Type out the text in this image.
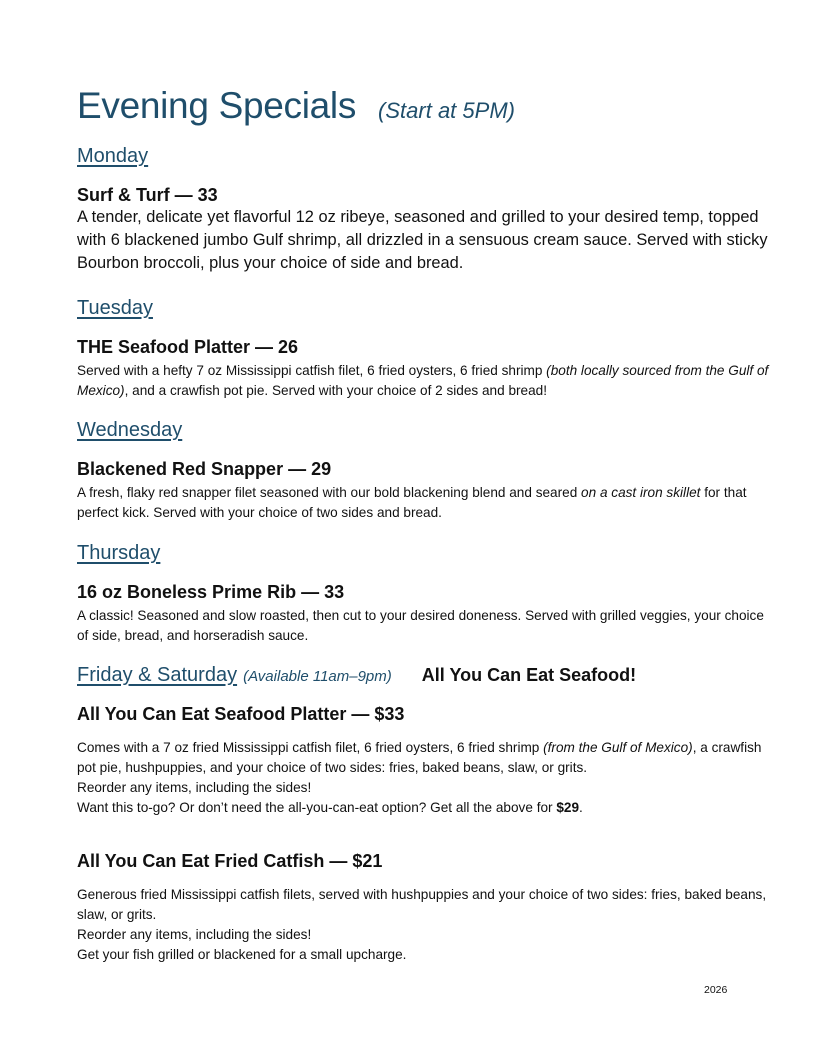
Evening Specials (Start at 5PM)

Monday

Surf & Turf — 33

A tender, delicate yet flavorful 12 oz ribeye, seasoned and grilled to your desired temp, topped with 6 blackened jumbo Gulf shrimp, all drizzled in a sensuous cream sauce. Served with sticky Bourbon broccoli, plus your choice of side and bread.

Tuesday

THE Seafood Platter — 26

Served with a hefty 7 oz Mississippi catfish filet, 6 fried oysters, 6 fried shrimp (both locally sourced from the Gulf of Mexico), and a crawfish pot pie. Served with your choice of 2 sides and bread!

Wednesday

Blackened Red Snapper — 29

A fresh, flaky red snapper filet seasoned with our bold blackening blend and seared on a cast iron skillet for that perfect kick. Served with your choice of two sides and bread.

Thursday

16 oz Boneless Prime Rib — 33

A classic! Seasoned and slow roasted, then cut to your desired doneness. Served with grilled veggies, your choice of side, bread, and horseradish sauce.

Friday & Saturday (Available 11am–9pm) All You Can Eat Seafood!

All You Can Eat Seafood Platter — $33

Comes with a 7 oz fried Mississippi catfish filet, 6 fried oysters, 6 fried shrimp (from the Gulf of Mexico), a crawfish pot pie, hushpuppies, and your choice of two sides: fries, baked beans, slaw, or grits.

Reorder any items, including the sides!

Want this to-go? Or don’t need the all-you-can-eat option? Get all the above for $29.

All You Can Eat Fried Catfish — $21

Generous fried Mississippi catfish filets, served with hushpuppies and your choice of two sides: fries, baked beans, slaw, or grits.

Reorder any items, including the sides!

Get your fish grilled or blackened for a small upcharge.

2026
